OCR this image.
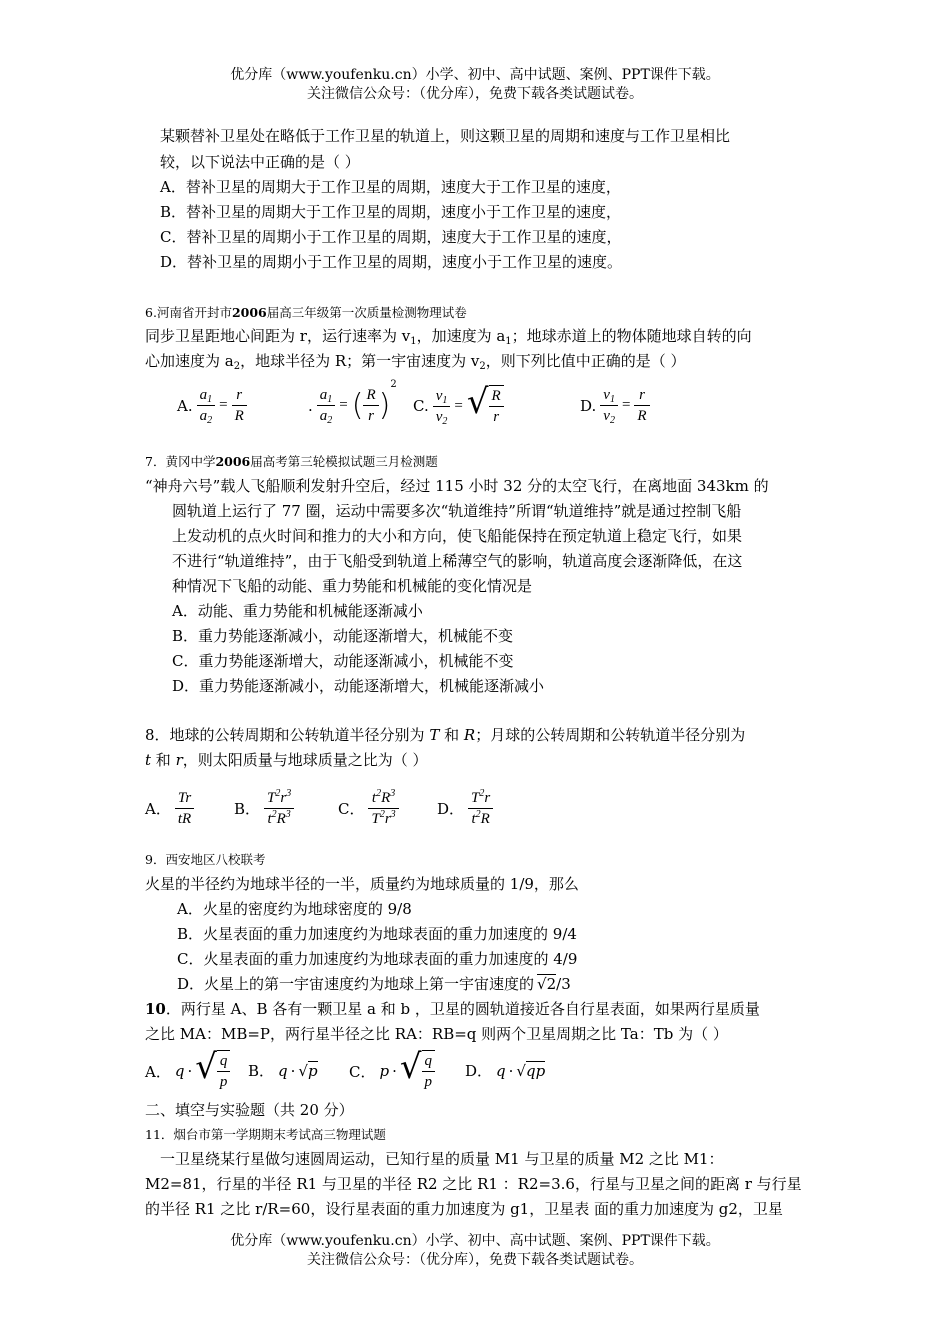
优分库（www.youfenku.cn）小学、初中、高中试题、案例、PPT课件下载。
关注微信公众号：（优分库），免费下载各类试题试卷。
某颗替补卫星处在略低于工作卫星的轨道上，则这颗卫星的周期和速度与工作卫星相比
较，以下说法中正确的是（ ）
A．替补卫星的周期大于工作卫星的周期，速度大于工作卫星的速度，
B．替补卫星的周期大于工作卫星的周期，速度小于工作卫星的速度，
C．替补卫星的周期小于工作卫星的周期，速度大于工作卫星的速度，
D．替补卫星的周期小于工作卫星的周期，速度小于工作卫星的速度。
6.河南省开封市2006届高三年级第一次质量检测物理试卷
同步卫星距地心间距为 r，运行速率为 $v_1$，加速度为 $a_1$；地球赤道上的物体随地球自转的向
心加速度为 $a_2$，地球半径为 R；第一宇宙速度为 $v_2$，则下列比值中正确的是（ ）
A. $\frac{a_1}{a_2} = \frac{r}{R}$	. $\frac{a_1}{a_2}$ = ( $\frac{R}{r}$ )
2
C. $\frac{v_1}{v_2}$ = √ $\frac{R}{r}$	D. $\frac{v_1}{v_2} = \frac{r}{R}$
7．黄冈中学2006届高考第三轮模拟试题三月检测题
“神舟六号”载人飞船顺利发射升空后，经过 115 小时 32 分的太空飞行，在离地面 343km 的
圆轨道上运行了 77 圈，运动中需要多次“轨道维持”所谓“轨道维持”就是通过控制飞船
上发动机的点火时间和推力的大小和方向，使飞船能保持在预定轨道上稳定飞行，如果
不进行“轨道维持”，由于飞船受到轨道上稀薄空气的影响，轨道高度会逐渐降低，在这
种情况下飞船的动能、重力势能和机械能的变化情况是
A．动能、重力势能和机械能逐渐减小
B．重力势能逐渐减小，动能逐渐增大，机械能不变
C．重力势能逐渐增大，动能逐渐减小，机械能不变
D．重力势能逐渐减小，动能逐渐增大，机械能逐渐减小
8．地球的公转周期和公转轨道半径分别为 T 和 R；月球的公转周期和公转轨道半径分别为
t 和 r，则太阳质量与地球质量之比为（ ）
A． $\frac{Tr}{tR}$	B． $\frac{T^2r^3}{t^2R^3}$	C． $\frac{t^2R^3}{T^2r^3}$	D． $\frac{T^2r}{t^2R}$
9．西安地区八校联考
火星的半径约为地球半径的一半，质量约为地球质量的 1/9，那么
A．火星的密度约为地球密度的 9/8
B．火星表面的重力加速度约为地球表面的重力加速度的 9/4
C．火星表面的重力加速度约为地球表面的重力加速度的 4/9
D．火星上的第一宇宙速度约为地球上第一宇宙速度的 √2/3
10．两行星 A、B 各有一颗卫星 a 和 b ，卫星的圆轨道接近各自行星表面，如果两行星质量
之比 MA：MB=P，两行星半径之比 RA：RB=q 则两个卫星周期之比 Ta：Tb 为（ ）
A． q · √ $\frac{q}{p}$ B． q · √ p C． p · √ $\frac{q}{p}$ D． q · √ qp
二、填空与实验题（共 20 分）
11．烟台市第一学期期末考试高三物理试题
一卫星绕某行星做匀速圆周运动，已知行星的质量 M1 与卫星的质量 M2 之比 M1：
M2=81，行星的半径 R1 与卫星的半径 R2 之比 R1 ：R2=3.6，行星与卫星之间的距离 r 与行星
的半径 R1 之比 r/R=60，设行星表面的重力加速度为 g1，卫星表 面的重力加速度为 g2，卫星
优分库（www.youfenku.cn）小学、初中、高中试题、案例、PPT课件下载。
关注微信公众号：（优分库），免费下载各类试题试卷。
